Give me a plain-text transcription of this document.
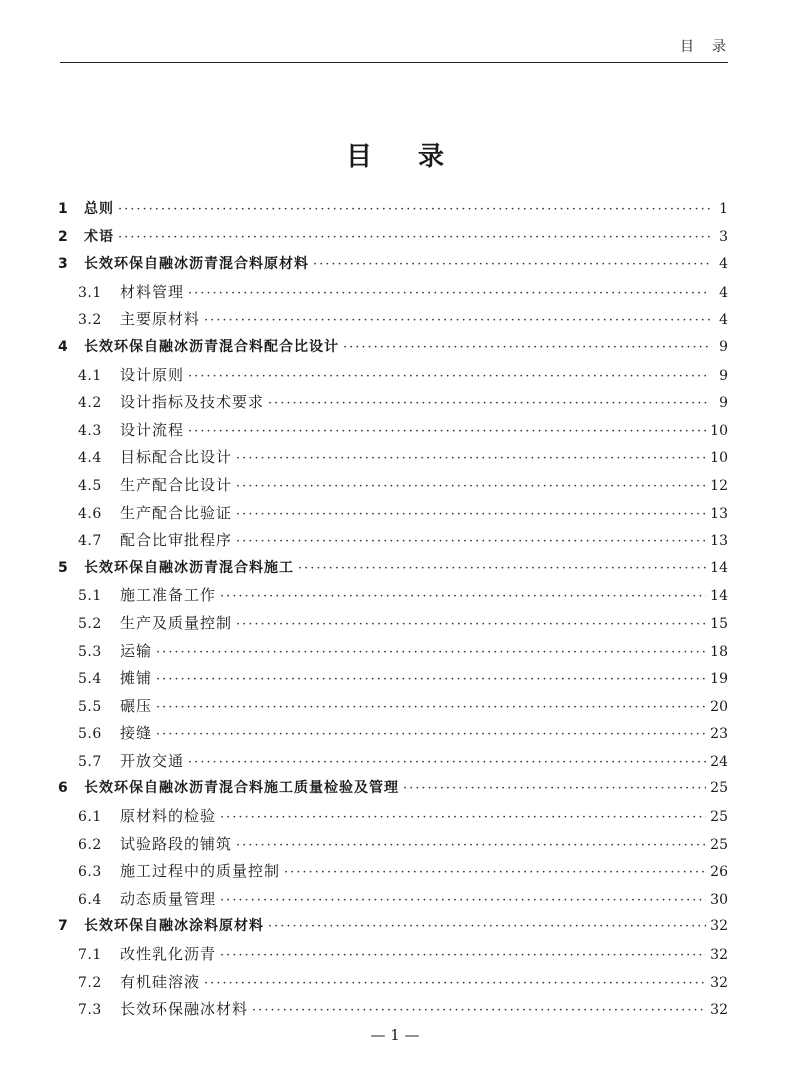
目录
目录
1	总则 ·····	1
2	术语 ·····	3
3	长效环保自融冰沥青混合料原材料 ·····	4
3.1	材料管理 ·····	4
3.2	主要原材料 ·····	4
4	长效环保自融冰沥青混合料配合比设计 ·····	9
4.1	设计原则 ·····	9
4.2	设计指标及技术要求 ·····	9
4.3	设计流程 ·····	10
4.4	目标配合比设计 ·····	10
4.5	生产配合比设计 ·····	12
4.6	生产配合比验证 ·····	13
4.7	配合比审批程序 ·····	13
5	长效环保自融冰沥青混合料施工 ·····	14
5.1	施工准备工作 ·····	14
5.2	生产及质量控制 ·····	15
5.3	运输 ·····	18
5.4	摊铺 ·····	19
5.5	碾压 ·····	20
5.6	接缝 ·····	23
5.7	开放交通 ·····	24
6	长效环保自融冰沥青混合料施工质量检验及管理 ·····	25
6.1	原材料的检验 ·····	25
6.2	试验路段的铺筑 ·····	25
6.3	施工过程中的质量控制 ·····	26
6.4	动态质量管理 ·····	30
7	长效环保自融冰涂料原材料 ·····	32
7.1	改性乳化沥青 ·····	32
7.2	有机硅溶液 ·····	32
7.3	长效环保融冰材料 ·····	32
— 1 —
